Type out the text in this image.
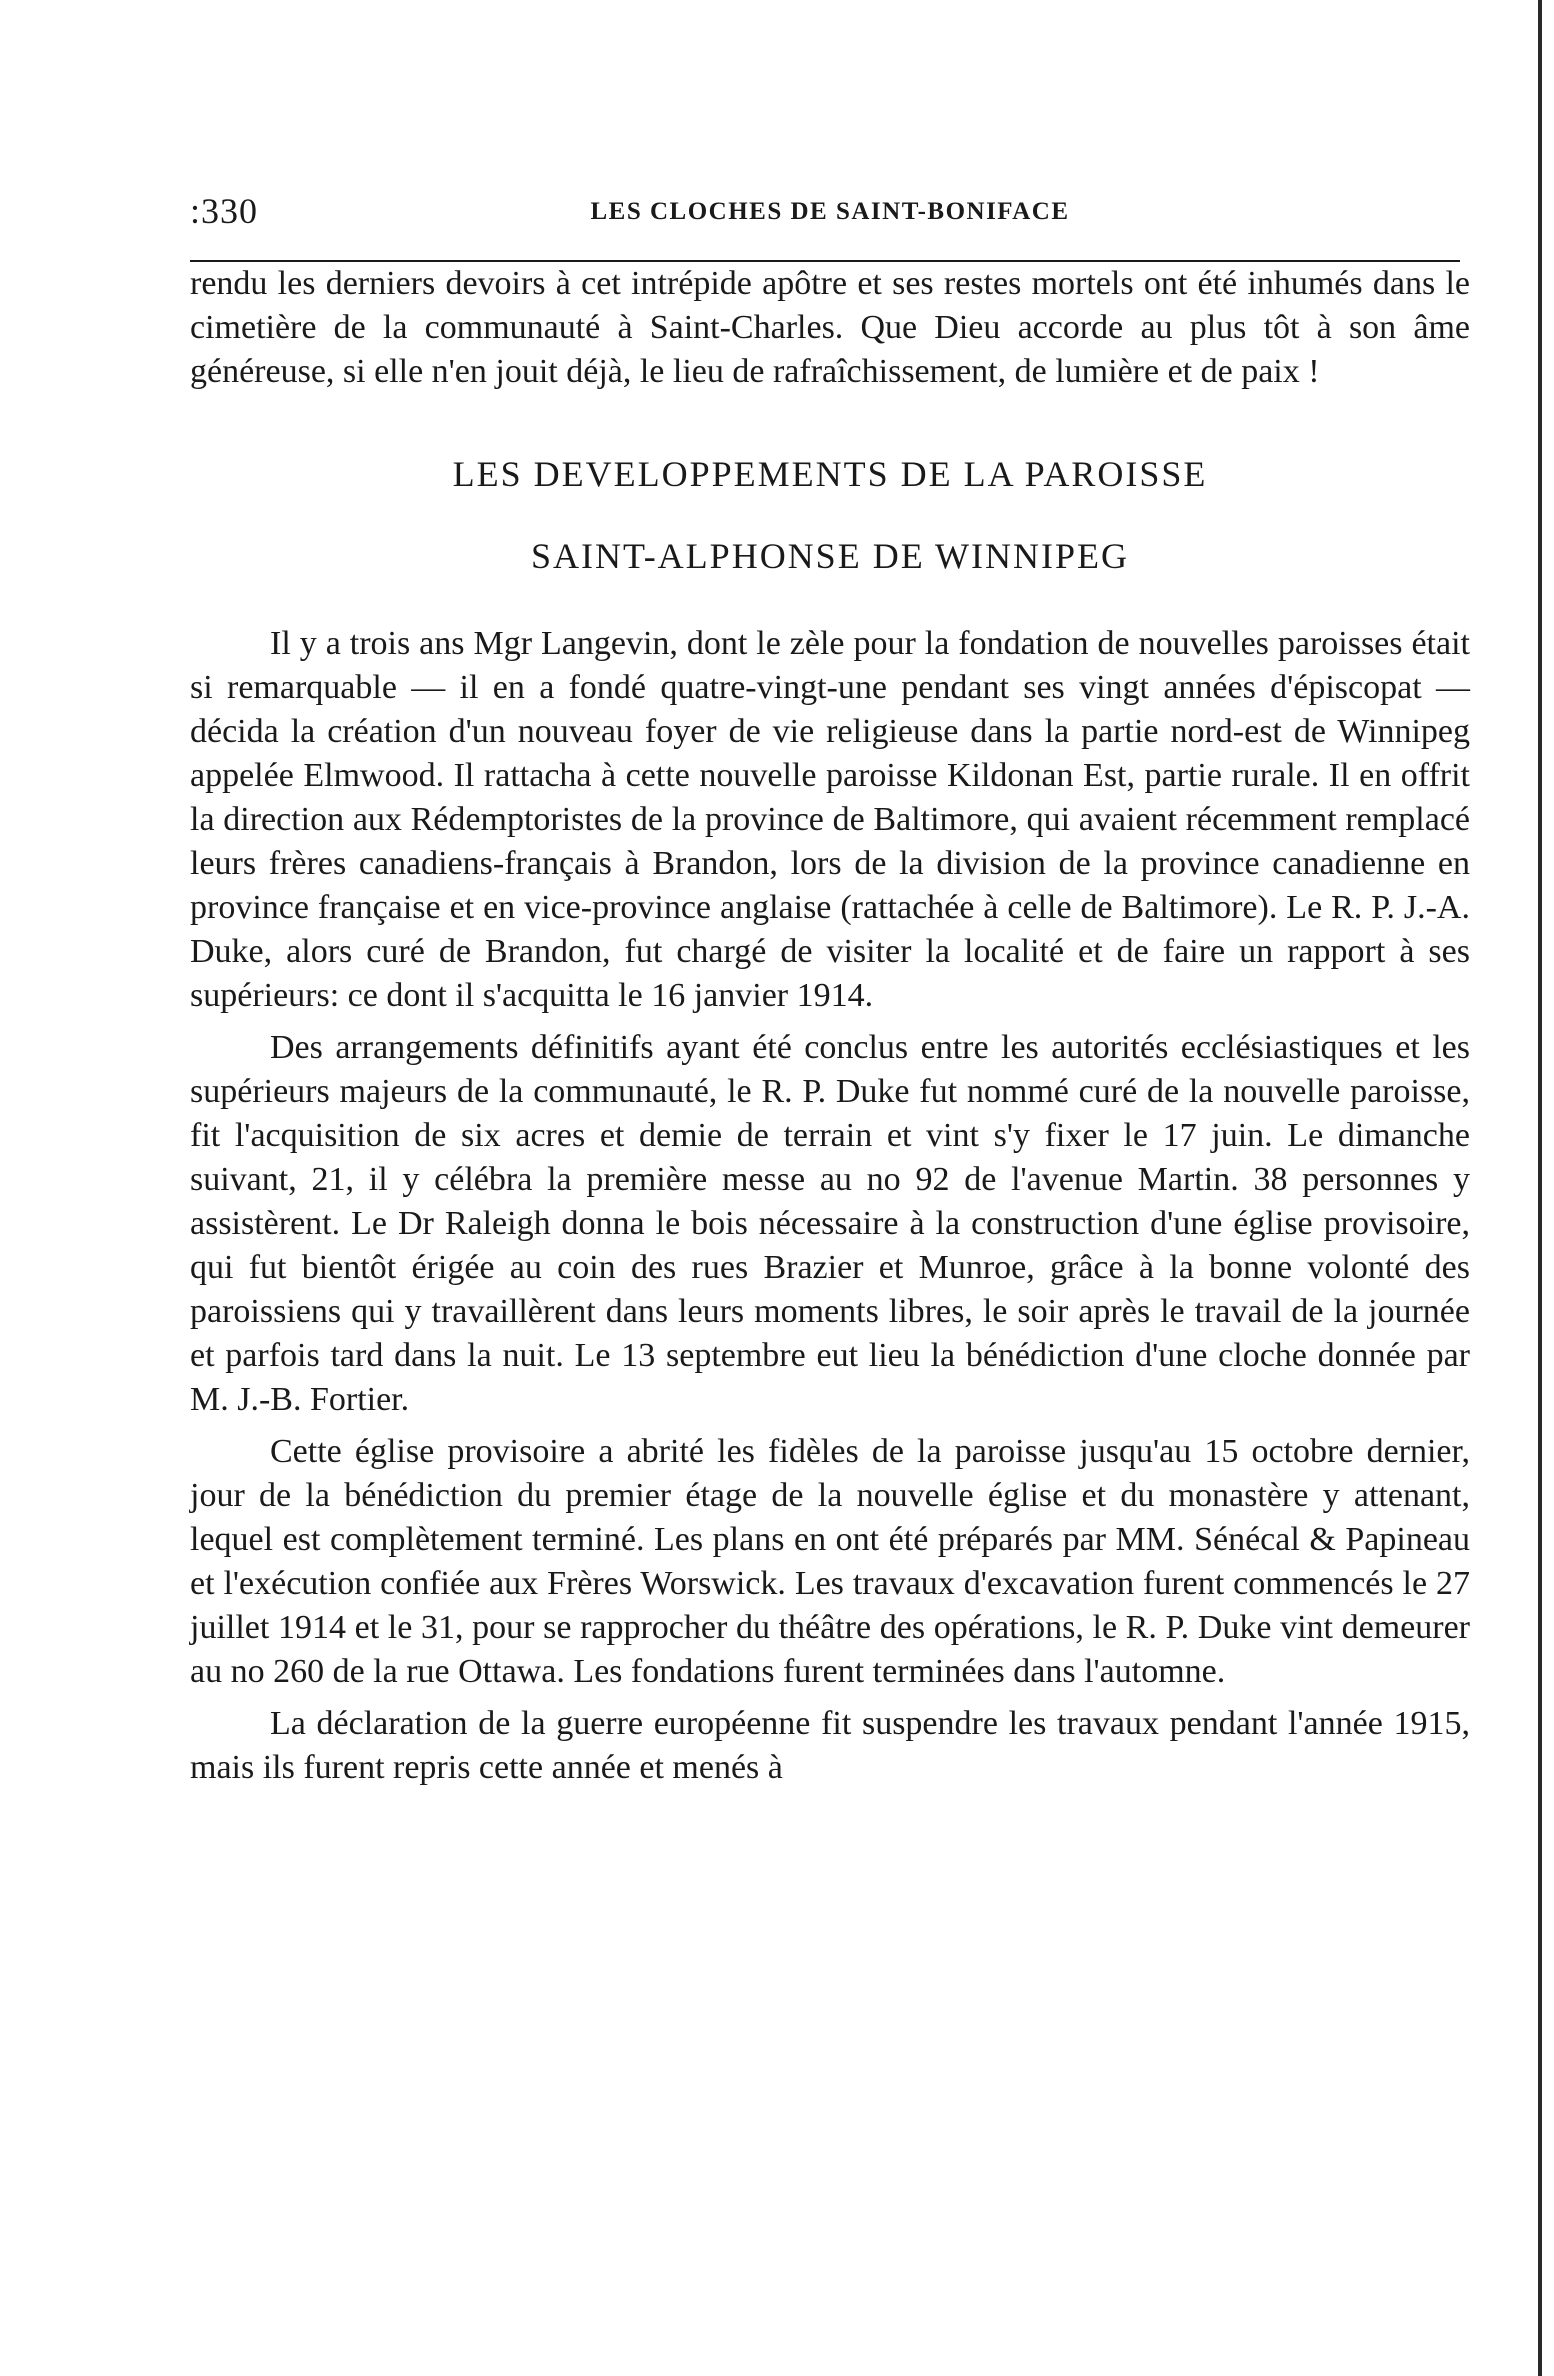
:330	LES CLOCHES DE SAINT-BONIFACE

rendu les derniers devoirs à cet intrépide apôtre et ses restes mortels ont été inhumés dans le cimetière de la communauté à Saint-Charles. Que Dieu accorde au plus tôt à son âme généreuse, si elle n'en jouit déjà, le lieu de rafraîchissement, de lumière et de paix !

LES DEVELOPPEMENTS DE LA PAROISSE
SAINT-ALPHONSE DE WINNIPEG

Il y a trois ans Mgr Langevin, dont le zèle pour la fondation de nouvelles paroisses était si remarquable — il en a fondé quatre-vingt-une pendant ses vingt années d'épiscopat — décida la création d'un nouveau foyer de vie religieuse dans la partie nord-est de Winnipeg appelée Elmwood. Il rattacha à cette nouvelle paroisse Kildonan Est, partie rurale. Il en offrit la direction aux Rédemptoristes de la province de Baltimore, qui avaient récemment remplacé leurs frères canadiens-français à Brandon, lors de la division de la province canadienne en province française et en vice-province anglaise (rattachée à celle de Baltimore). Le R. P. J.-A. Duke, alors curé de Brandon, fut chargé de visiter la localité et de faire un rapport à ses supérieurs: ce dont il s'acquitta le 16 janvier 1914.

Des arrangements définitifs ayant été conclus entre les autorités ecclésiastiques et les supérieurs majeurs de la communauté, le R. P. Duke fut nommé curé de la nouvelle paroisse, fit l'acquisition de six acres et demie de terrain et vint s'y fixer le 17 juin. Le dimanche suivant, 21, il y célébra la première messe au no 92 de l'avenue Martin. 38 personnes y assistèrent. Le Dr Raleigh donna le bois nécessaire à la construction d'une église provisoire, qui fut bientôt érigée au coin des rues Brazier et Munroe, grâce à la bonne volonté des paroissiens qui y travaillèrent dans leurs moments libres, le soir après le travail de la journée et parfois tard dans la nuit. Le 13 septembre eut lieu la bénédiction d'une cloche donnée par M. J.-B. Fortier.

Cette église provisoire a abrité les fidèles de la paroisse jusqu'au 15 octobre dernier, jour de la bénédiction du premier étage de la nouvelle église et du monastère y attenant, lequel est complètement terminé. Les plans en ont été préparés par MM. Sénécal & Papineau et l'exécution confiée aux Frères Worswick. Les travaux d'excavation furent commencés le 27 juillet 1914 et le 31, pour se rapprocher du théâtre des opérations, le R. P. Duke vint demeurer au no 260 de la rue Ottawa. Les fondations furent terminées dans l'automne.

La déclaration de la guerre européenne fit suspendre les travaux pendant l'année 1915, mais ils furent repris cette année et menés à
